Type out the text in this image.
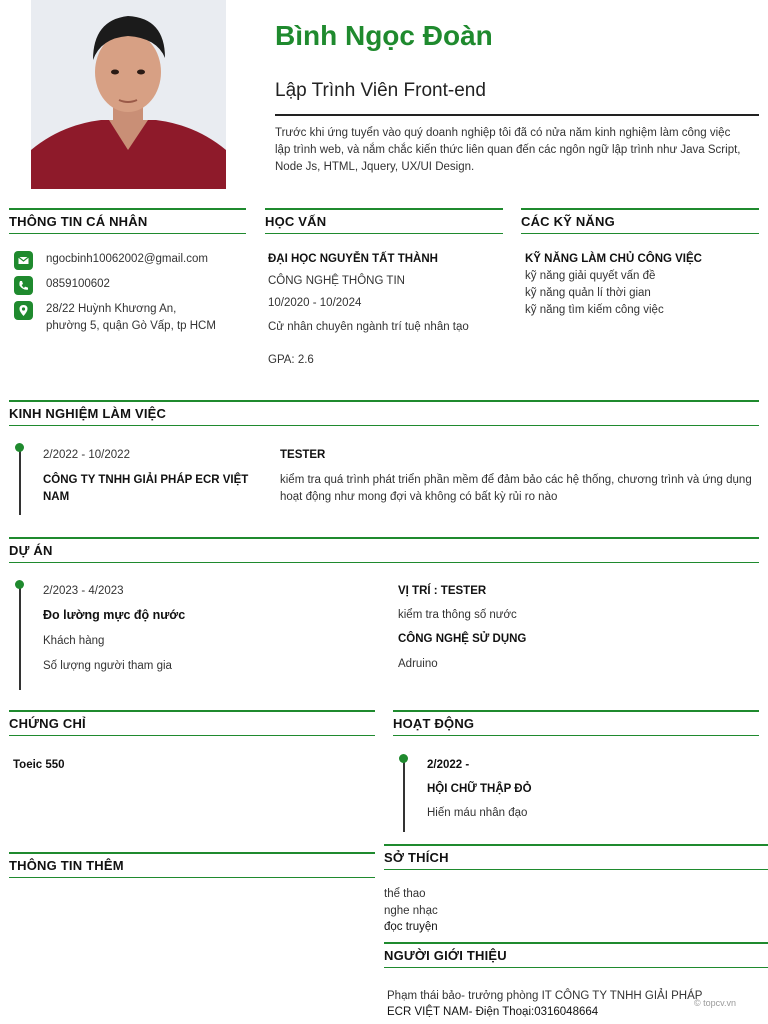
Bình Ngọc Đoàn
Lập Trình Viên Front-end
Trước khi ứng tuyển vào quý doanh nghiệp tôi đã có nửa năm kinh nghiệm làm công việc lập trình web, và nắm chắc kiến thức liên quan đến các ngôn ngữ lập trình như Java Script, Node Js, HTML, Jquery, UX/UI Design.
THÔNG TIN CÁ NHÂN
ngocbinh10062002@gmail.com
0859100602
28/22 Huỳnh Khương An,
phường 5, quận Gò Vấp, tp HCM
HỌC VẤN
ĐẠI HỌC NGUYỄN TẤT THÀNH
CÔNG NGHỆ THÔNG TIN
10/2020 - 10/2024
Cử nhân chuyên ngành trí tuệ nhân tạo
GPA: 2.6
CÁC KỸ NĂNG
KỸ NĂNG LÀM CHỦ CÔNG VIỆC
kỹ năng giải quyết vấn đề
kỹ năng quản lí thời gian
kỹ năng tìm kiếm công việc
KINH NGHIỆM LÀM VIỆC
2/2022 - 10/2022
CÔNG TY TNHH GIẢI PHÁP ECR VIỆT NAM
TESTER
kiểm tra quá trình phát triển phần mềm để đảm bảo các hệ thống, chương trình và ứng dụng hoạt động như mong đợi và không có bất kỳ rủi ro nào
DỰ ÁN
2/2023 - 4/2023
Đo lường mực độ nước
Khách hàng
Số lượng người tham gia
VỊ TRÍ : TESTER
kiểm tra thông số nước
CÔNG NGHỆ SỬ DỤNG
Adruino
CHỨNG CHỈ
Toeic 550
HOẠT ĐỘNG
2/2022 -
HỘI CHỮ THẬP ĐỎ
Hiến máu nhân đạo
THÔNG TIN THÊM
SỞ THÍCH
thể thao
nghe nhạc
đọc truyện
NGƯỜI GIỚI THIỆU
Phạm thái bảo- trưởng phòng IT CÔNG TY TNHH GIẢI PHÁP
ECR VIỆT NAM- Điện Thoại:0316048664
© topcv.vn
